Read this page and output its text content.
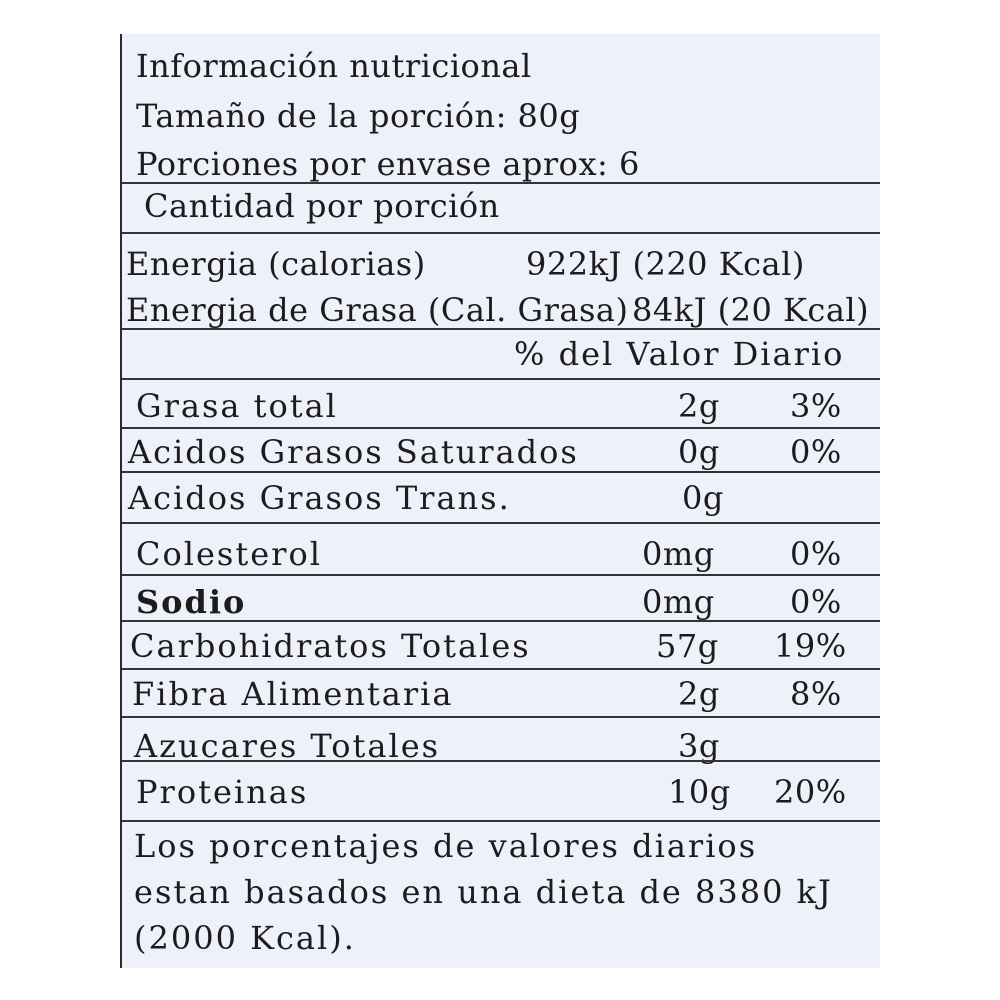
Información nutricional
Tamaño de la porción: 80g
Porciones por envase aprox: 6
Cantidad por porción
Energia (calorias)	922kJ (220 Kcal)
Energia de Grasa (Cal. Grasa) 84kJ (20 Kcal)
% del Valor Diario
Grasa total	2g 3%
Acidos Grasos Saturados	0g 0%
Acidos Grasos Trans.	0g
Colesterol	0mg 0%
Sodio	0mg 0%
Carbohidratos Totales	57g 19%
Fibra Alimentaria	2g 8%
Azucares Totales	3g
Proteinas	10g 20%
Los porcentajes de valores diarios
estan basados en una dieta de 8380 kJ
(2000 Kcal).
